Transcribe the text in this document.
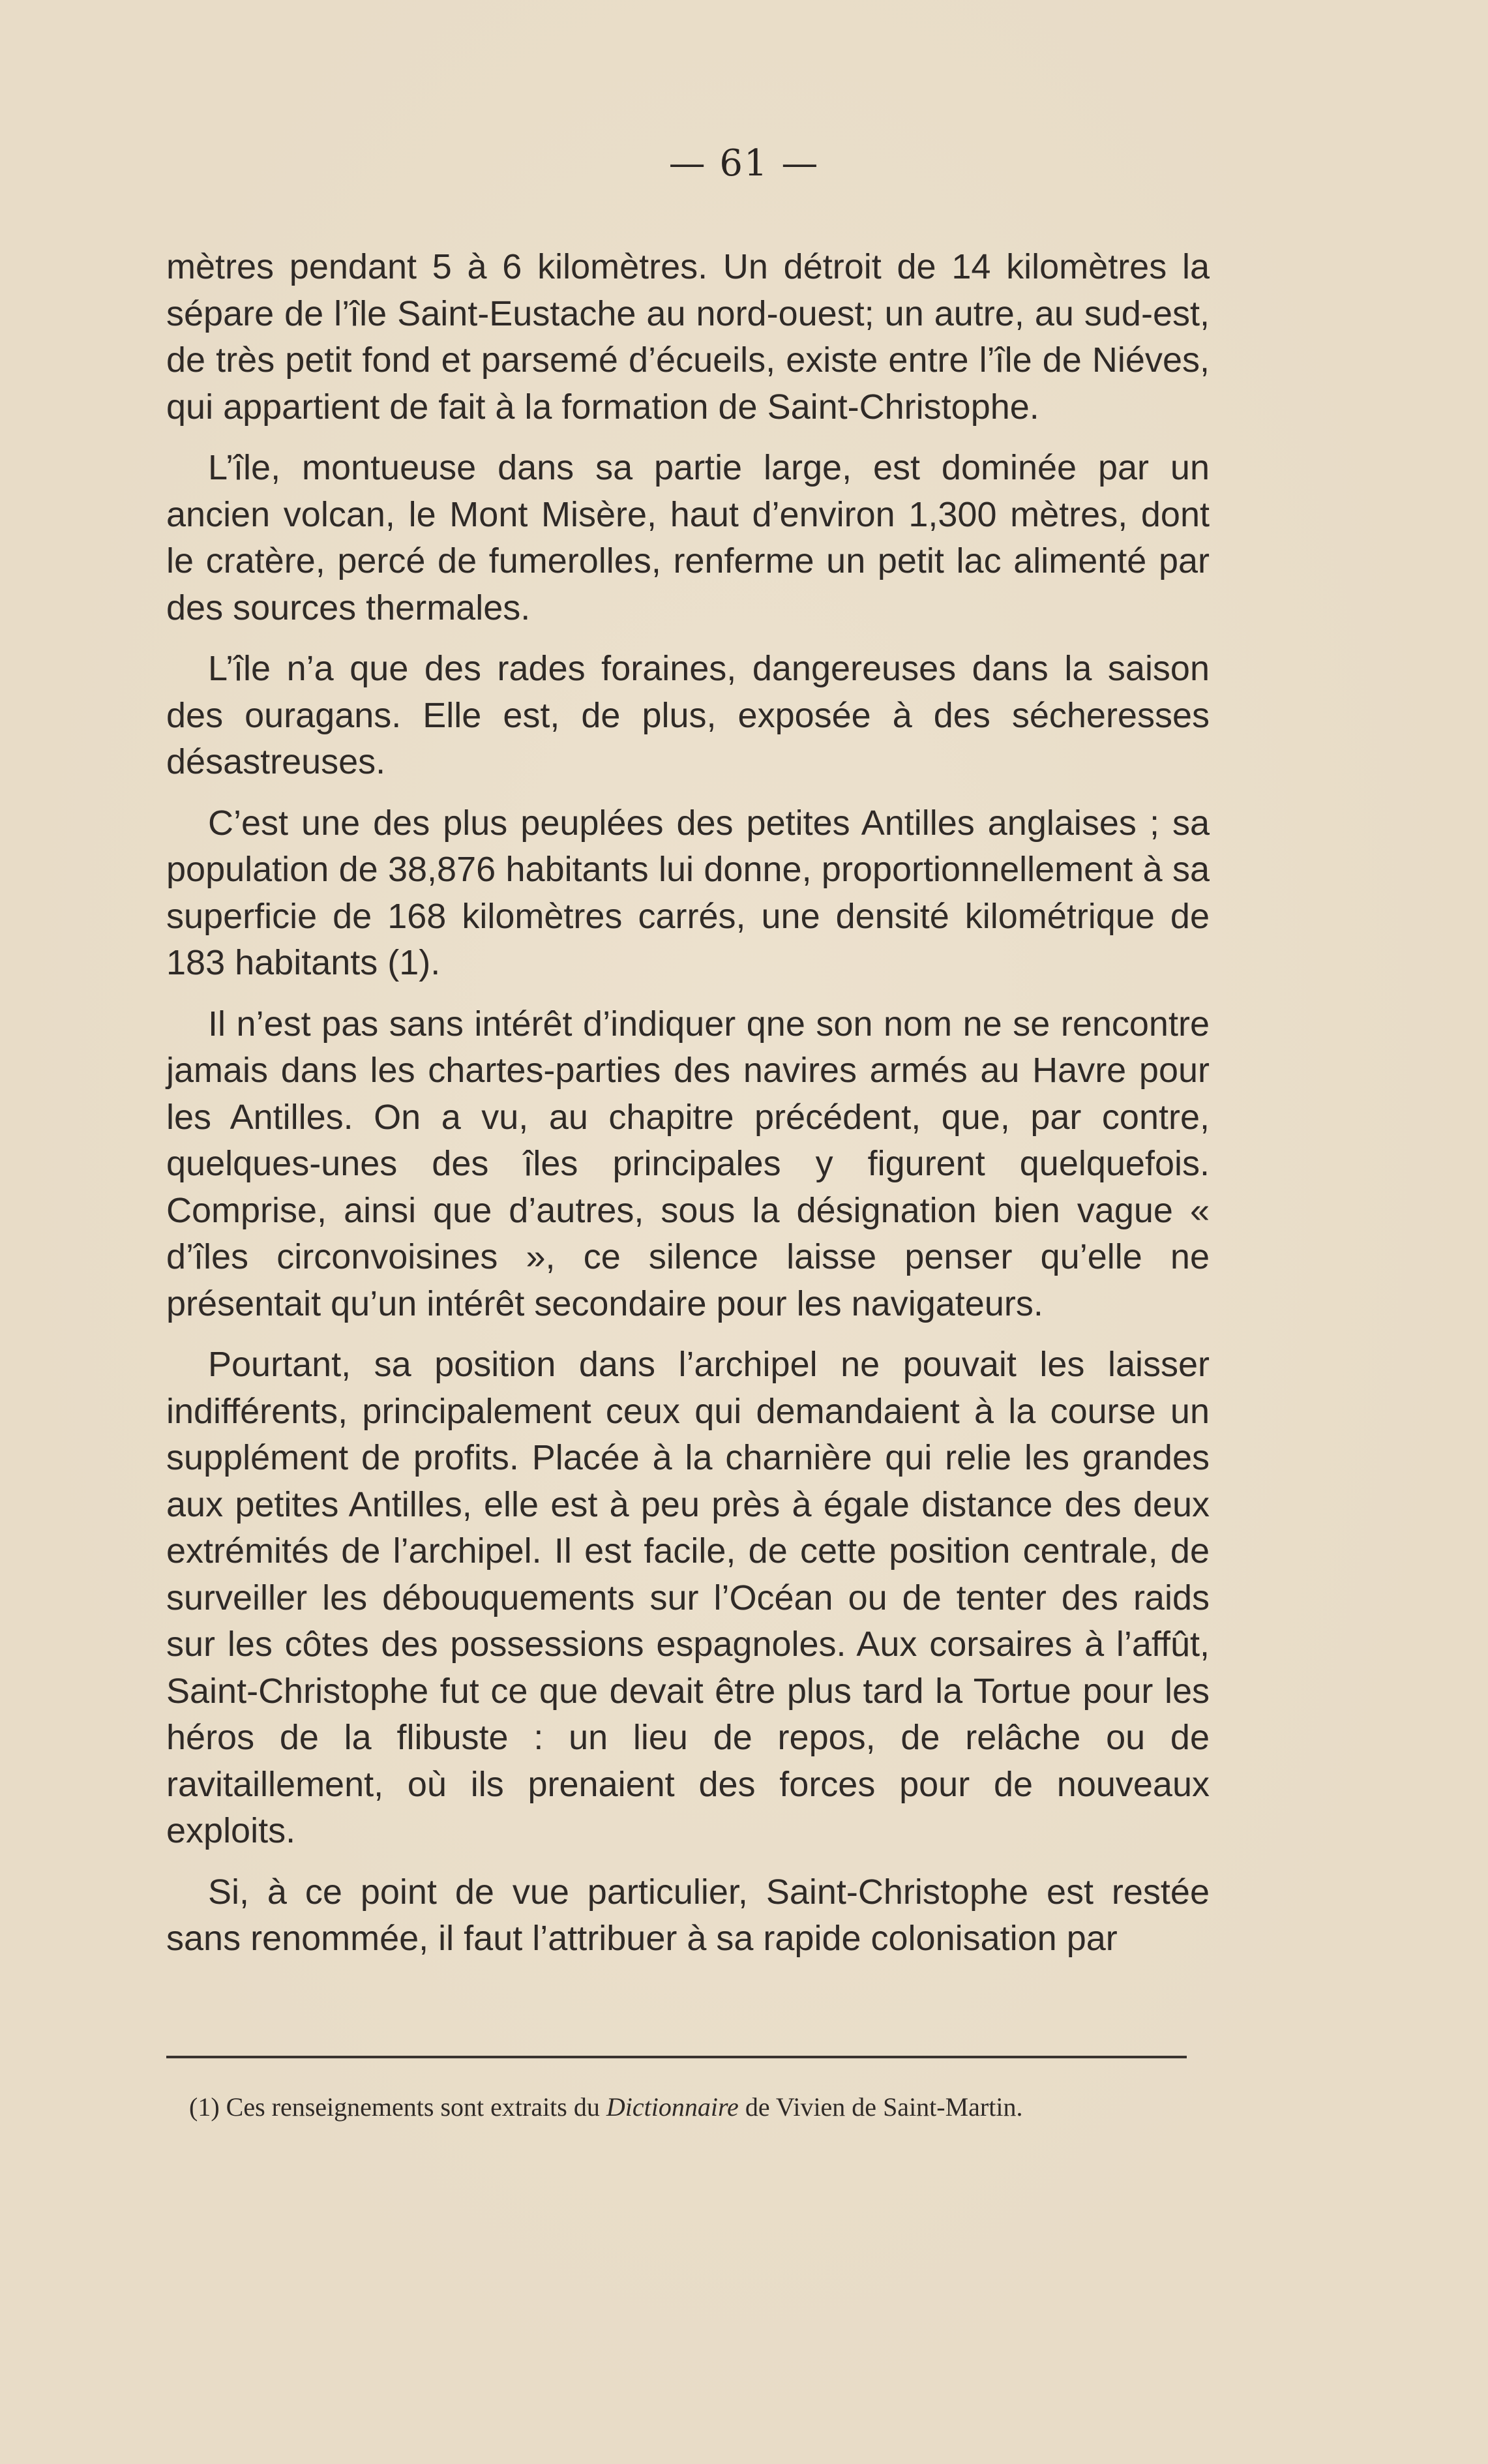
— 61 —

mètres pendant 5 à 6 kilomètres. Un détroit de 14 kilomètres la sépare de l’île Saint-Eustache au nord-ouest; un autre, au sud-est, de très petit fond et parsemé d’écueils, existe entre l’île de Niéves, qui appartient de fait à la formation de Saint-Christophe.

L’île, montueuse dans sa partie large, est dominée par un ancien volcan, le Mont Misère, haut d’environ 1,300 mètres, dont le cratère, percé de fumerolles, renferme un petit lac alimenté par des sources thermales.

L’île n’a que des rades foraines, dangereuses dans la saison des ouragans. Elle est, de plus, exposée à des sécheresses désastreuses.

C’est une des plus peuplées des petites Antilles anglaises ; sa population de 38,876 habitants lui donne, proportionnellement à sa superficie de 168 kilomètres carrés, une densité kilométrique de 183 habitants (1).

Il n’est pas sans intérêt d’indiquer qne son nom ne se rencontre jamais dans les chartes-parties des navires armés au Havre pour les Antilles. On a vu, au chapitre précédent, que, par contre, quelques-unes des îles principales y figurent quelquefois. Comprise, ainsi que d’autres, sous la désignation bien vague « d’îles circonvoisines », ce silence laisse penser qu’elle ne présentait qu’un intérêt secondaire pour les navigateurs.

Pourtant, sa position dans l’archipel ne pouvait les laisser indifférents, principalement ceux qui demandaient à la course un supplément de profits. Placée à la charnière qui relie les grandes aux petites Antilles, elle est à peu près à égale distance des deux extrémités de l’archipel. Il est facile, de cette position centrale, de surveiller les débouquements sur l’Océan ou de tenter des raids sur les côtes des possessions espagnoles. Aux corsaires à l’affût, Saint-Christophe fut ce que devait être plus tard la Tortue pour les héros de la flibuste : un lieu de repos, de relâche ou de ravitaillement, où ils prenaient des forces pour de nouveaux exploits.

Si, à ce point de vue particulier, Saint-Christophe est restée sans renommée, il faut l’attribuer à sa rapide colonisation par

(1) Ces renseignements sont extraits du Dictionnaire de Vivien de Saint-Martin.
